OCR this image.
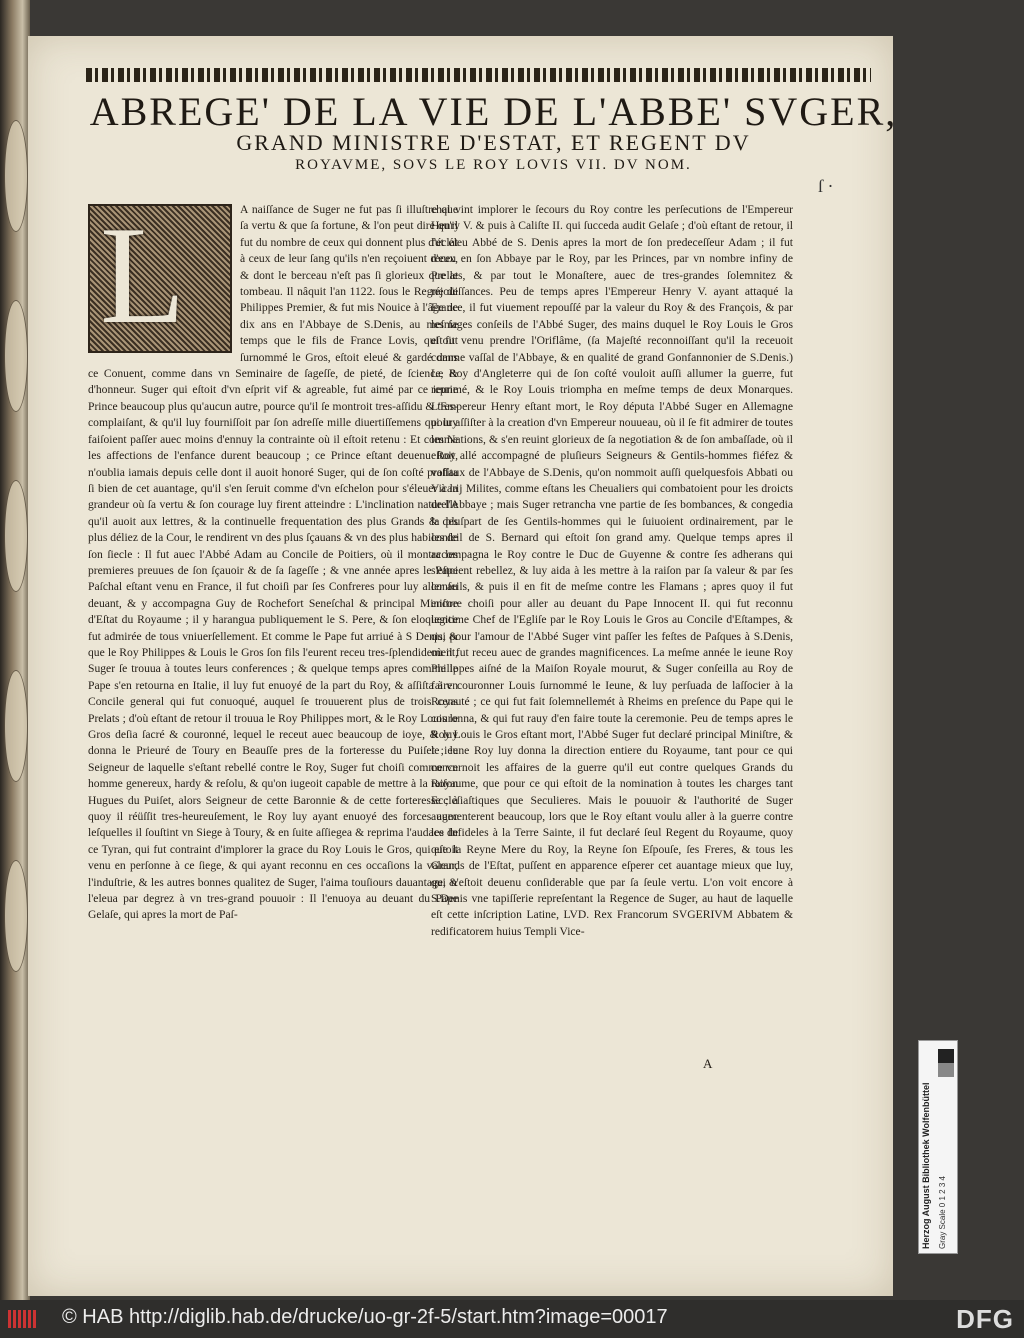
ABREGE' DE LA VIE DE L'ABBE' SVGER,
GRAND MINISTRE D'ESTAT, ET REGENT DV
ROYAVME, SOVS LE ROY LOVIS VII. DV NOM.
ſ ·
L	A naiſſance de Suger ne fut pas ſi illuſtre que ſa vertu & que ſa fortune, & l'on peut dire qu'il fut du nombre de ceux qui donnent plus d'éclat à ceux de leur ſang qu'ils n'en reçoiuent d'eux, & dont le berceau n'eſt pas ſi glorieux que le tombeau. Il nâquit l'an 1122. ſous le Regne de Philippes Premier, & fut mis Nouice à l'âge de dix ans en l'Abbaye de S.Denis, au meſme temps que le fils de France Lovis, qui fut ſurnommé le Gros, eſtoit eleué & gardé dans ce Conuent, comme dans vn Seminaire de ſageſſe, de pieté, de ſcience, & d'honneur. Suger qui eſtoit d'vn eſprit vif & agreable, fut aimé par ce ieune Prince beaucoup plus qu'aucun autre, pource qu'il ſe montroit tres-aſſidu & tres-complaiſant, & qu'il luy fourniſſoit par ſon adreſſe mille diuertiſſemens qui luy faiſoient paſſer auec moins d'ennuy la contrainte où il eſtoit retenu : Et comme les affections de l'enfance durent beaucoup ; ce Prince eſtant deuenu Roy, n'oublia iamais depuis celle dont il auoit honoré Suger, qui de ſon coſté profita ſi bien de cet auantage, qu'il s'en ſeruit comme d'vn eſchelon pour s'éleuer à la grandeur où ſa vertu & ſon courage luy firent atteindre : L'inclination naturelle qu'il auoit aux lettres, & la continuelle frequentation des plus Grands & des plus déliez de la Cour, le rendirent vn des plus ſçauans & vn des plus habiles de ſon ſiecle : Il fut auec l'Abbé Adam au Concile de Poitiers, où il montra les premieres preuues de ſon ſçauoir & de ſa ſageſſe ; & vne année apres le Pape Paſchal eſtant venu en France, il fut choiſi par ſes Confreres pour luy aller au deuant, & y accompagna Guy de Rochefort Seneſchal & principal Miniſtre d'Eſtat du Royaume ; il y harangua publiquement le S. Pere, & ſon eloquence fut admirée de tous vniuerſellement. Et comme le Pape fut arriué à S Denis, & que le Roy Philippes & Louis le Gros ſon fils l'eurent receu tres-ſplendidement, Suger ſe trouua à toutes leurs conferences ; & quelque temps apres comme le Pape s'en retourna en Italie, il luy fut enuoyé de la part du Roy, & aſſiſta à vn Concile general qui fut conuoqué, auquel ſe trouuerent plus de trois cens Prelats ; d'où eſtant de retour il trouua le Roy Philippes mort, & le Roy Louis le Gros deſia ſacré & couronné, lequel le receut auec beaucoup de ioye, & luy donna le Prieuré de Toury en Beauſſe pres de la forteresse du Puiſet ; le Seigneur de laquelle s'eſtant rebellé contre le Roy, Suger fut choiſi comme vn homme genereux, hardy & reſolu, & qu'on iugeoit capable de mettre à la raiſon Hugues du Puiſet, alors Seigneur de cette Baronnie & de cette forteresse ; à quoy il réüſſit tres-heureuſement, le Roy luy ayant enuoyé des forces auec leſquelles il ſouſtint vn Siege à Toury, & en ſuite aſſiegea & reprima l'audace de ce Tyran, qui fut contraint d'implorer la grace du Roy Louis le Gros, qui eſtoit venu en perſonne à ce ſiege, & qui ayant reconnu en ces occaſions la valeur, l'induſtrie, & les autres bonnes qualitez de Suger, l'aima touſiours dauantage, & l'eleua par degrez à vn tres-grand pouuoir : Il l'enuoya au deuant du Pape Gelaſe, qui apres la mort de Paſ-
chal vint implorer le ſecours du Roy contre les perſecutions de l'Empereur Henry V. & puis à Caliſte II. qui ſucceda audit Gelaſe ; d'où eſtant de retour, il fut éleu Abbé de S. Denis apres la mort de ſon predeceſſeur Adam ; il fut receu en ſon Abbaye par le Roy, par les Princes, par vn nombre infiny de Prelats, & par tout le Monaſtere, auec de tres-grandes ſolemnitez & réjoüiſſances. Peu de temps apres l'Empereur Henry V. ayant attaqué la France, il fut viuement repouſſé par la valeur du Roy & des François, & par les ſages conſeils de l'Abbé Suger, des mains duquel le Roy Louis le Gros eſtoit venu prendre l'Oriflâme, (ſa Majeſté reconnoiſſant qu'il la receuoit comme vaſſal de l'Abbaye, & en qualité de grand Gonfannonier de S.Denis.) Le Roy d'Angleterre qui de ſon coſté vouloit auſſi allumer la guerre, fut reprimé, & le Roy Louis triompha en meſme temps de deux Monarques. L'Empereur Henry eſtant mort, le Roy députa l'Abbé Suger en Allemagne pour aſſiſter à la creation d'vn Empereur nouueau, où il ſe fit admirer de toutes les Nations, & s'en reuint glorieux de ſa negotiation & de ſon ambaſſade, où il eſtoit allé accompagné de pluſieurs Seigneurs & Gentils-hommes fiéfez & vaſſaux de l'Abbaye de S.Denis, qu'on nommoit auſſi quelquesfois Abbati ou Vicarij Milites, comme eſtans les Cheualiers qui combatoient pour les droicts de l'Abbaye ; mais Suger retrancha vne partie de ſes bombances, & congedia la pluſpart de ſes Gentils-hommes qui le ſuiuoient ordinairement, par le conſeil de S. Bernard qui eſtoit ſon grand amy. Quelque temps apres il accompagna le Roy contre le Duc de Guyenne & contre ſes adherans qui s'eſtoient rebellez, & luy aida à les mettre à la raiſon par ſa valeur & par ſes conſeils, & puis il en fit de meſme contre les Flamans ; apres quoy il fut encore choiſi pour aller au deuant du Pape Innocent II. qui fut reconnu legitime Chef de l'Egliſe par le Roy Louis le Gros au Concile d'Eſtampes, & qui pour l'amour de l'Abbé Suger vint paſſer les feſtes de Paſques à S.Denis, où il fut receu auec de grandes magnificences. La meſme année le ieune Roy Philippes aiſné de la Maiſon Royale mourut, & Suger conſeilla au Roy de faire couronner Louis ſurnommé le Ieune, & luy perſuada de laſſocier à la Royauté ; ce qui fut fait ſolemnellemét à Rheims en preſence du Pape qui le couronna, & qui fut rauy d'en faire toute la ceremonie. Peu de temps apres le Roy Louis le Gros eſtant mort, l'Abbé Suger fut declaré principal Miniſtre, & le ieune Roy luy donna la direction entiere du Royaume, tant pour ce qui concernoit les affaires de la guerre qu'il eut contre quelques Grands du Royaume, que pour ce qui eſtoit de la nomination à toutes les charges tant Eccleſiaſtiques que Seculieres. Mais le pouuoir & l'authorité de Suger augmenterent beaucoup, lors que le Roy eſtant voulu aller à la guerre contre les Infideles à la Terre Sainte, il fut declaré ſeul Regent du Royaume, quoy que la Reyne Mere du Roy, la Reyne ſon Eſpouſe, ſes Freres, & tous les Grands de l'Eſtat, puſſent en apparence eſperer cet auantage mieux que luy, qui n'eſtoit deuenu conſiderable que par ſa ſeule vertu. L'on voit encore à S.Denis vne tapiſſerie repreſentant la Regence de Suger, au haut de laquelle eſt cette inſcription Latine, LVD. Rex Francorum SVGERIVM Abbatem & redificatorem huius Templi Vice-
A
Herzog August Bibliothek Wolfenbüttel Gray Scale 0 1 2 3 4
© HAB http://diglib.hab.de/drucke/uo-gr-2f-5/start.htm?image=00017	DFG
